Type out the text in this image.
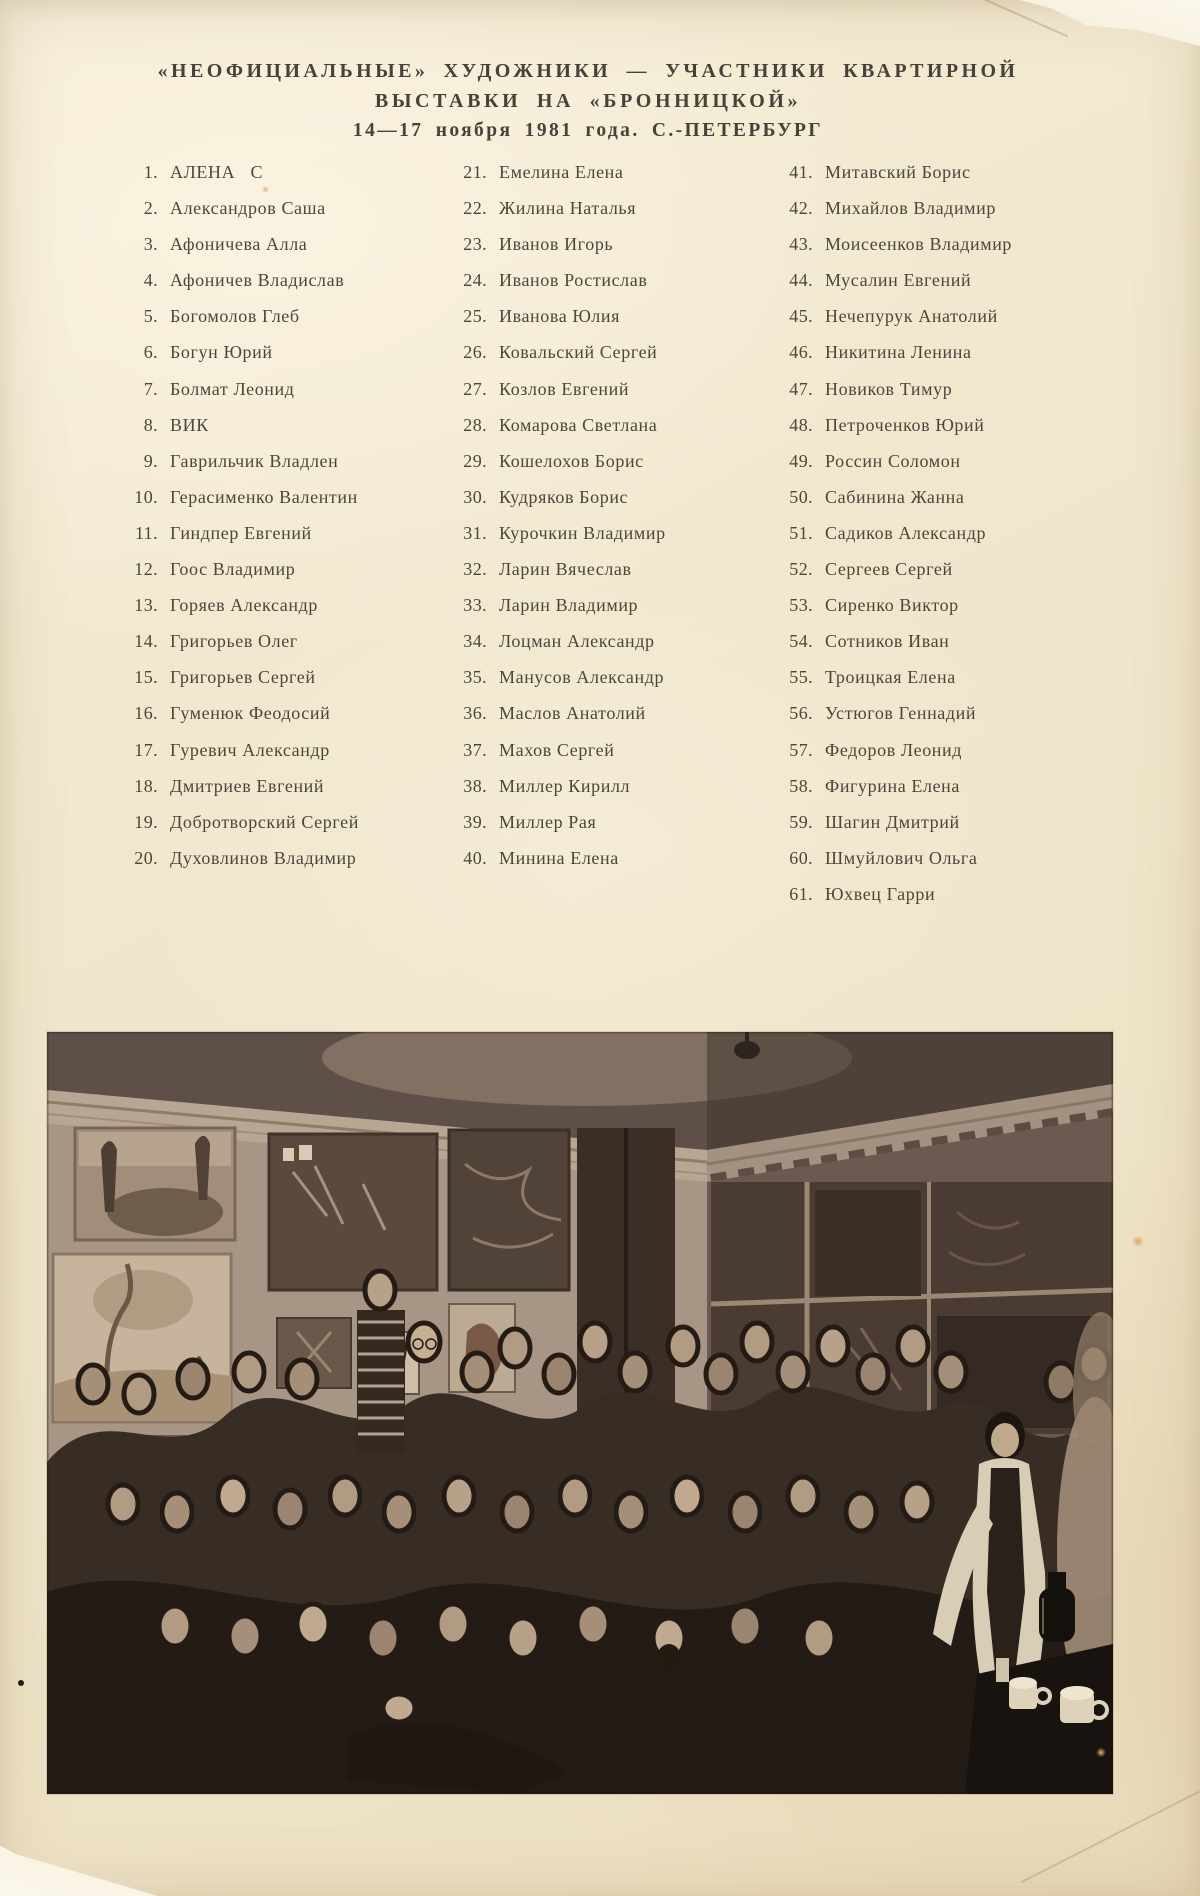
«НЕОФИЦИАЛЬНЫЕ» ХУДОЖНИКИ — УЧАСТНИКИ КВАРТИРНОЙ
ВЫСТАВКИ НА «БРОННИЦКОЙ»
14—17 ноября 1981 года. С.-ПЕТЕРБУРГ
1. АЛЕНА   С
2. Александров Саша
3. Афоничева Алла
4. Афоничев Владислав
5. Богомолов Глеб
6. Богун Юрий
7. Болмат Леонид
8. ВИК
9. Гаврильчик Владлен
10. Герасименко Валентин
11. Гиндпер Евгений
12. Гоос Владимир
13. Горяев Александр
14. Григорьев Олег
15. Григорьев Сергей
16. Гуменюк Феодосий
17. Гуревич Александр
18. Дмитриев Евгений
19. Добротворский Сергей
20. Духовлинов Владимир
21. Емелина Елена
22. Жилина Наталья
23. Иванов Игорь
24. Иванов Ростислав
25. Иванова Юлия
26. Ковальский Сергей
27. Козлов Евгений
28. Комарова Светлана
29. Кошелохов Борис
30. Кудряков Борис
31. Курочкин Владимир
32. Ларин Вячеслав
33. Ларин Владимир
34. Лоцман Александр
35. Манусов Александр
36. Маслов Анатолий
37. Махов Сергей
38. Миллер Кирилл
39. Миллер Рая
40. Минина Елена
41. Митавский Борис
42. Михайлов Владимир
43. Моисеенков Владимир
44. Мусалин Евгений
45. Нечепурук Анатолий
46. Никитина Ленина
47. Новиков Тимур
48. Петроченков Юрий
49. Россин Соломон
50. Сабинина Жанна
51. Садиков Александр
52. Сергеев Сергей
53. Сиренко Виктор
54. Сотников Иван
55. Троицкая Елена
56. Устюгов Геннадий
57. Федоров Леонид
58. Фигурина Елена
59. Шагин Дмитрий
60. Шмуйлович Ольга
61. Юхвец Гарри
